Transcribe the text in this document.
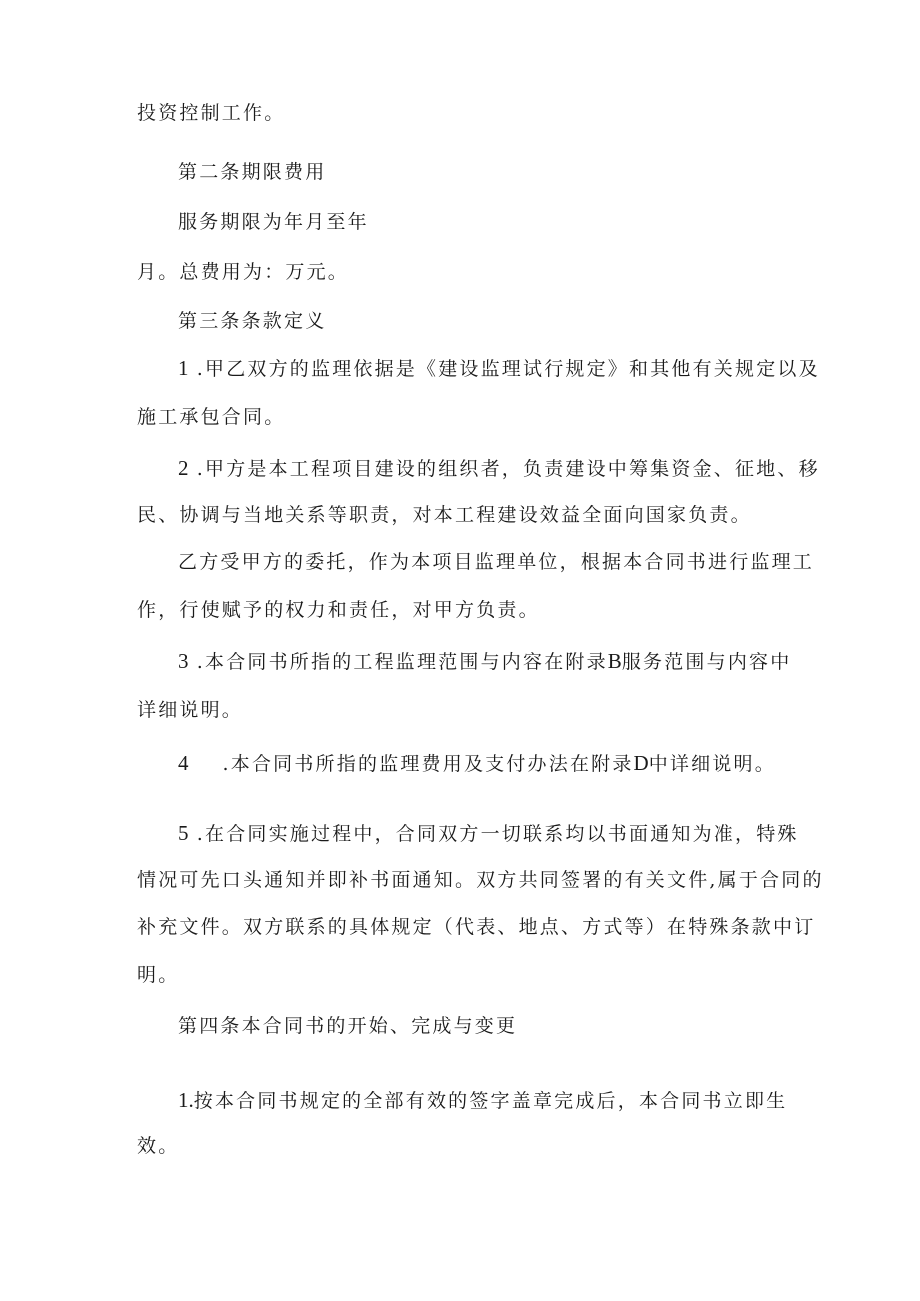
投资控制工作。

第二条期限费用

服务期限为年月至年

月。总费用为：万元。

第三条条款定义

1 .甲乙双方的监理依据是《建设监理试行规定》和其他有关规定以及

施工承包合同。

2 .甲方是本工程项目建设的组织者，负责建设中筹集资金、征地、移

民、协调与当地关系等职责，对本工程建设效益全面向国家负责。

乙方受甲方的委托，作为本项目监理单位，根据本合同书进行监理工

作，行使赋予的权力和责任，对甲方负责。

3 .本合同书所指的工程监理范围与内容在附录B服务范围与内容中

详细说明。

4 .本合同书所指的监理费用及支付办法在附录D中详细说明。

5 .在合同实施过程中，合同双方一切联系均以书面通知为准，特殊

情况可先口头通知并即补书面通知。双方共同签署的有关文件,属于合同的

补充文件。双方联系的具体规定（代表、地点、方式等）在特殊条款中订

明。

第四条本合同书的开始、完成与变更

1.按本合同书规定的全部有效的签字盖章完成后，本合同书立即生

效。
